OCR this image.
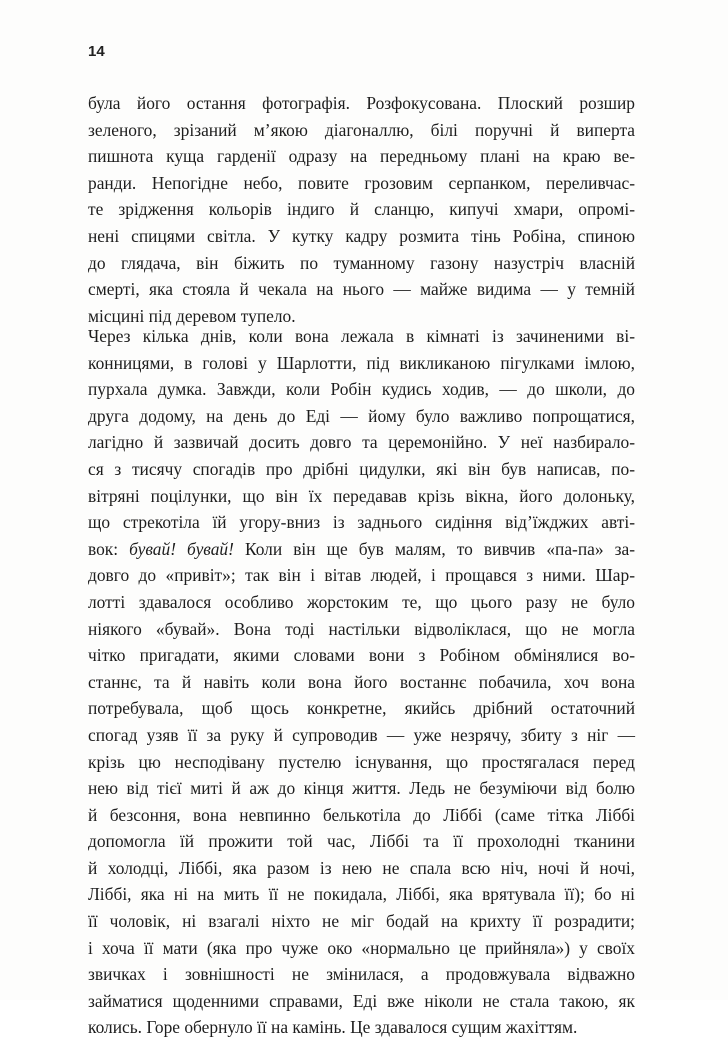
14
була його остання фотографія. Розфокусована. Плоский розшир
зеленого, зрізаний м’якою діагоналлю, білі поручні й виперта
пишнота куща гарденії одразу на передньому плані на краю ве-
ранди. Непогідне небо, повите грозовим серпанком, переливчас-
те зрідження кольорів індиго й сланцю, кипучі хмари, опромі-
нені спицями світла. У кутку кадру розмита тінь Робіна, спиною
до глядача, він біжить по туманному газону назустріч власній
смерті, яка стояла й чекала на нього — майже видима — у темній
місцині під деревом тупело.
Через кілька днів, коли вона лежала в кімнаті із зачиненими ві-
конницями, в голові у Шарлотти, під викликаною пігулками імлою,
пурхала думка. Завжди, коли Робін кудись ходив, — до школи, до
друга додому, на день до Еді — йому було важливо попрощатися,
лагідно й зазвичай досить довго та церемонійно. У неї назбирало-
ся з тисячу спогадів про дрібні цидулки, які він був написав, по-
вітряні поцілунки, що він їх передавав крізь вікна, його долоньку,
що стрекотіла їй угору-вниз із заднього сидіння від’їжджих авті-
вок: бувай! бувай! Коли він ще був малям, то вивчив «па-па» за-
довго до «привіт»; так він і вітав людей, і прощався з ними. Шар-
лотті здавалося особливо жорстоким те, що цього разу не було
ніякого «бувай». Вона тоді настільки відволіклася, що не могла
чітко пригадати, якими словами вони з Робіном обмінялися во-
станнє, та й навіть коли вона його востаннє побачила, хоч вона
потребувала, щоб щось конкретне, якийсь дрібний остаточний
спогад узяв її за руку й супроводив — уже незрячу, збиту з ніг —
крізь цю несподівану пустелю існування, що простягалася перед
нею від тієї миті й аж до кінця життя. Ледь не безуміючи від болю
й безсоння, вона невпинно белькотіла до Ліббі (саме тітка Ліббі
допомогла їй прожити той час, Ліббі та її прохолодні тканини
й холодці, Ліббі, яка разом із нею не спала всю ніч, ночі й ночі,
Ліббі, яка ні на мить її не покидала, Ліббі, яка врятувала її); бо ні
її чоловік, ні взагалі ніхто не міг бодай на крихту її розрадити;
і хоча її мати (яка про чуже око «нормально це прийняла») у своїх
звичках і зовнішності не змінилася, а продовжувала відважно
займатися щоденними справами, Еді вже ніколи не стала такою, як
колись. Горе обернуло її на камінь. Це здавалося сущим жахіттям.
